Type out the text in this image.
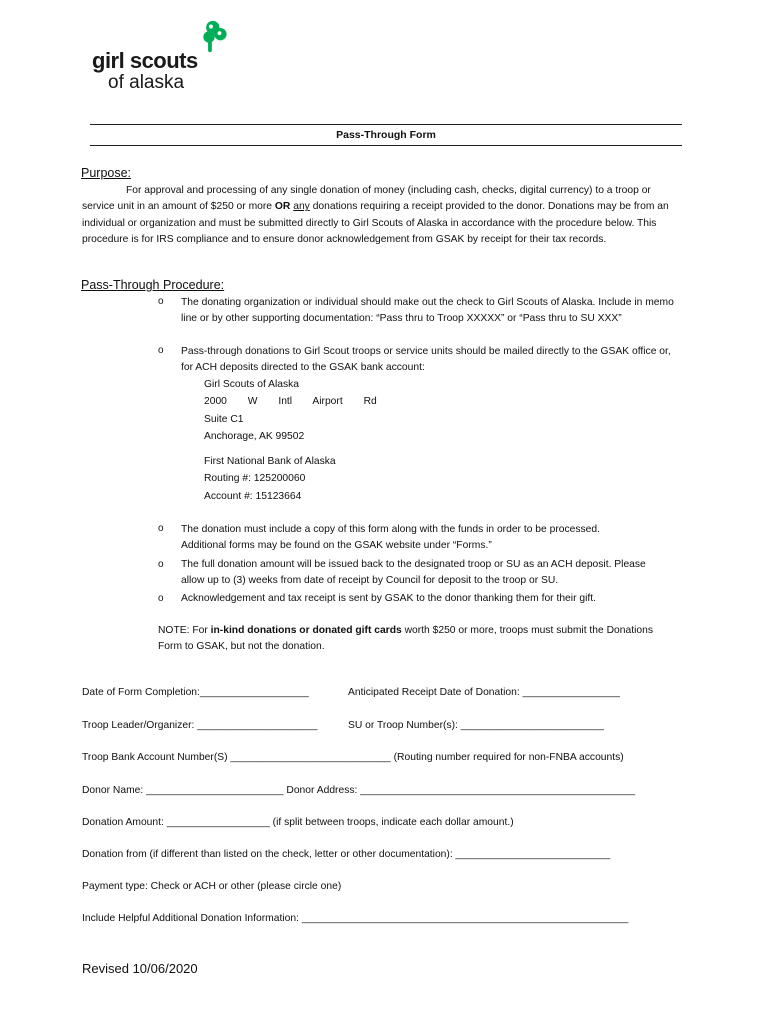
girl scouts
of alaska
Pass-Through Form
Purpose:
For approval and processing of any single donation of money (including cash, checks, digital currency) to a troop or service unit in an amount of $250 or more OR any donations requiring a receipt provided to the donor. Donations may be from an individual or organization and must be submitted directly to Girl Scouts of Alaska in accordance with the procedure below. This procedure is for IRS compliance and to ensure donor acknowledgement from GSAK by receipt for their tax records.
Pass-Through Procedure:
o The donating organization or individual should make out the check to Girl Scouts of Alaska. Include in memo line or by other supporting documentation: “Pass thru to Troop XXXXX” or “Pass thru to SU XXX”
o Pass-through donations to Girl Scout troops or service units should be mailed directly to the GSAK office or, for ACH deposits directed to the GSAK bank account:
Girl Scouts of Alaska
2000 W Intl Airport Rd
Suite C1
Anchorage, AK 99502
First National Bank of Alaska
Routing #: 125200060
Account #: 15123664
o The donation must include a copy of this form along with the funds in order to be processed. Additional forms may be found on the GSAK website under “Forms.”
o The full donation amount will be issued back to the designated troop or SU as an ACH deposit. Please allow up to (3) weeks from date of receipt by Council for deposit to the troop or SU.
o Acknowledgement and tax receipt is sent by GSAK to the donor thanking them for their gift.
NOTE: For in-kind donations or donated gift cards worth $250 or more, troops must submit the Donations Form to GSAK, but not the donation.
Date of Form Completion:___________________	Anticipated Receipt Date of Donation: _________________
Troop Leader/Organizer: _____________________	SU or Troop Number(s): _________________________
Troop Bank Account Number(S) ____________________________ (Routing number required for non-FNBA accounts)
Donor Name: ________________________ Donor Address: ________________________________________________
Donation Amount: __________________ (if split between troops, indicate each dollar amount.)
Donation from (if different than listed on the check, letter or other documentation): ___________________________
Payment type: Check or ACH or other (please circle one)
Include Helpful Additional Donation Information: _________________________________________________________
Revised 10/06/2020
